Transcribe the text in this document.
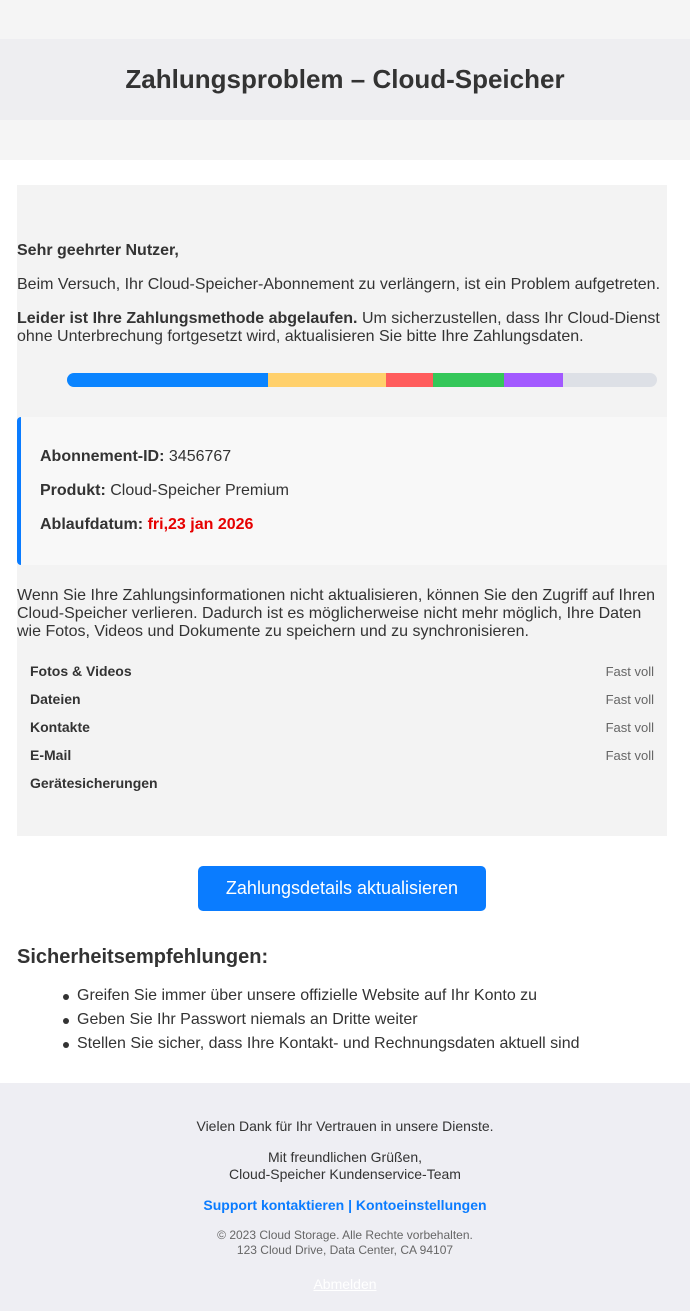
Zahlungsproblem – Cloud-Speicher
Sehr geehrter Nutzer,
Beim Versuch, Ihr Cloud-Speicher-Abonnement zu verlängern, ist ein Problem aufgetreten.
Leider ist Ihre Zahlungsmethode abgelaufen. Um sicherzustellen, dass Ihr Cloud-Dienst ohne Unterbrechung fortgesetzt wird, aktualisieren Sie bitte Ihre Zahlungsdaten.
Abonnement-ID: 3456767
Produkt: Cloud-Speicher Premium
Ablaufdatum: fri,23 jan 2026
Wenn Sie Ihre Zahlungsinformationen nicht aktualisieren, können Sie den Zugriff auf Ihren Cloud-Speicher verlieren. Dadurch ist es möglicherweise nicht mehr möglich, Ihre Daten wie Fotos, Videos und Dokumente zu speichern und zu synchronisieren.
Fotos & Videos	Fast voll
Dateien	Fast voll
Kontakte	Fast voll
E-Mail	Fast voll
Gerätesicherungen
Zahlungsdetails aktualisieren
Sicherheitsempfehlungen:
Greifen Sie immer über unsere offizielle Website auf Ihr Konto zu
Geben Sie Ihr Passwort niemals an Dritte weiter
Stellen Sie sicher, dass Ihre Kontakt- und Rechnungsdaten aktuell sind
Vielen Dank für Ihr Vertrauen in unsere Dienste.
Mit freundlichen Grüßen,
Cloud-Speicher Kundenservice-Team
Support kontaktieren | Kontoeinstellungen
© 2023 Cloud Storage. Alle Rechte vorbehalten.
123 Cloud Drive, Data Center, CA 94107
Abmelden
